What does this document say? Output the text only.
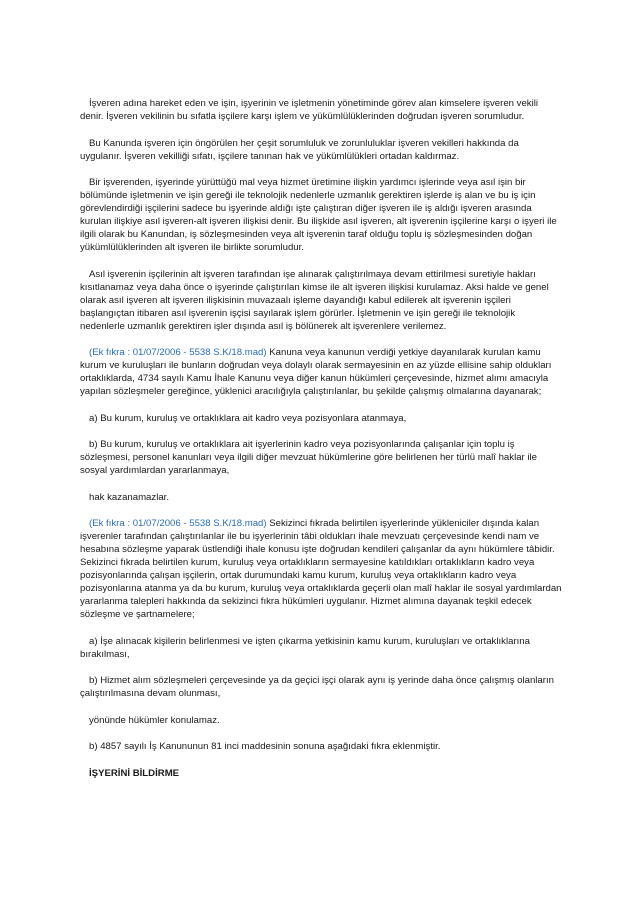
İşveren adına hareket eden ve işin, işyerinin ve işletmenin yönetiminde görev alan kimselere işveren vekili denir. İşveren vekilinin bu sıfatla işçilere karşı işlem ve yükümlülüklerinden doğrudan işveren sorumludur.

Bu Kanunda işveren için öngörülen her çeşit sorumluluk ve zorunluluklar işveren vekilleri hakkında da uygulanır. İşveren vekilliği sıfatı, işçilere tanınan hak ve yükümlülükleri ortadan kaldırmaz.

Bir işverenden, işyerinde yürüttüğü mal veya hizmet üretimine ilişkin yardımcı işlerinde veya asıl işin bir bölümünde işletmenin ve işin gereği ile teknolojik nedenlerle uzmanlık gerektiren işlerde iş alan ve bu iş için görevlendirdiği işçilerini sadece bu işyerinde aldığı işte çalıştıran diğer işveren ile iş aldığı işveren arasında kurulan ilişkiye asıl işveren-alt işveren ilişkisi denir. Bu ilişkide asıl işveren, alt işverenin işçilerine karşı o işyeri ile ilgili olarak bu Kanundan, iş sözleşmesinden veya alt işverenin taraf olduğu toplu iş sözleşmesinden doğan yükümlülüklerinden alt işveren ile birlikte sorumludur.

Asıl işverenin işçilerinin alt işveren tarafından işe alınarak çalıştırılmaya devam ettirilmesi suretiyle hakları kısıtlanamaz veya daha önce o işyerinde çalıştırılan kimse ile alt işveren ilişkisi kurulamaz. Aksi halde ve genel olarak asıl işveren alt işveren ilişkisinin muvazaalı işleme dayandığı kabul edilerek alt işverenin işçileri başlangıçtan itibaren asıl işverenin işçisi sayılarak işlem görürler. İşletmenin ve işin gereği ile teknolojik nedenlerle uzmanlık gerektiren işler dışında asıl iş bölünerek alt işverenlere verilemez.

(Ek fıkra : 01/07/2006 - 5538 S.K/18.mad) Kanuna veya kanunun verdiği yetkiye dayanılarak kurulan kamu kurum ve kuruluşları ile bunların doğrudan veya dolaylı olarak sermayesinin en az yüzde ellisine sahip oldukları ortaklıklarda, 4734 sayılı Kamu İhale Kanunu veya diğer kanun hükümleri çerçevesinde, hizmet alımı amacıyla yapılan sözleşmeler gereğince, yüklenici aracılığıyla çalıştırılanlar, bu şekilde çalışmış olmalarına dayanarak;

a) Bu kurum, kuruluş ve ortaklıklara ait kadro veya pozisyonlara atanmaya,

b) Bu kurum, kuruluş ve ortaklıklara ait işyerlerinin kadro veya pozisyonlarında çalışanlar için toplu iş sözleşmesi, personel kanunları veya ilgili diğer mevzuat hükümlerine göre belirlenen her türlü malî haklar ile sosyal yardımlardan yararlanmaya,

hak kazanamazlar.

(Ek fıkra : 01/07/2006 - 5538 S.K/18.mad) Sekizinci fıkrada belirtilen işyerlerinde yükleniciler dışında kalan işverenler tarafından çalıştırılanlar ile bu işyerlerinin tâbi oldukları ihale mevzuatı çerçevesinde kendi nam ve hesabına sözleşme yaparak üstlendiği ihale konusu işte doğrudan kendileri çalışanlar da aynı hükümlere tâbidir. Sekizinci fıkrada belirtilen kurum, kuruluş veya ortaklıkların sermayesine katıldıkları ortaklıkların kadro veya pozisyonlarında çalışan işçilerin, ortak durumundaki kamu kurum, kuruluş veya ortaklıkların kadro veya pozisyonlarına atanma ya da bu kurum, kuruluş veya ortaklıklarda geçerli olan malî haklar ile sosyal yardımlardan yararlanma talepleri hakkında da sekizinci fıkra hükümleri uygulanır. Hizmet alımına dayanak teşkil edecek sözleşme ve şartnamelere;

a) İşe alınacak kişilerin belirlenmesi ve işten çıkarma yetkisinin kamu kurum, kuruluşları ve ortaklıklarına bırakılması,

b) Hizmet alım sözleşmeleri çerçevesinde ya da geçici işçi olarak aynı iş yerinde daha önce çalışmış olanların çalıştırılmasına devam olunması,

yönünde hükümler konulamaz.

b) 4857 sayılı İş Kanununun 81 inci maddesinin sonuna aşağıdaki fıkra eklenmiştir.

İŞYERİNİ BİLDİRME
